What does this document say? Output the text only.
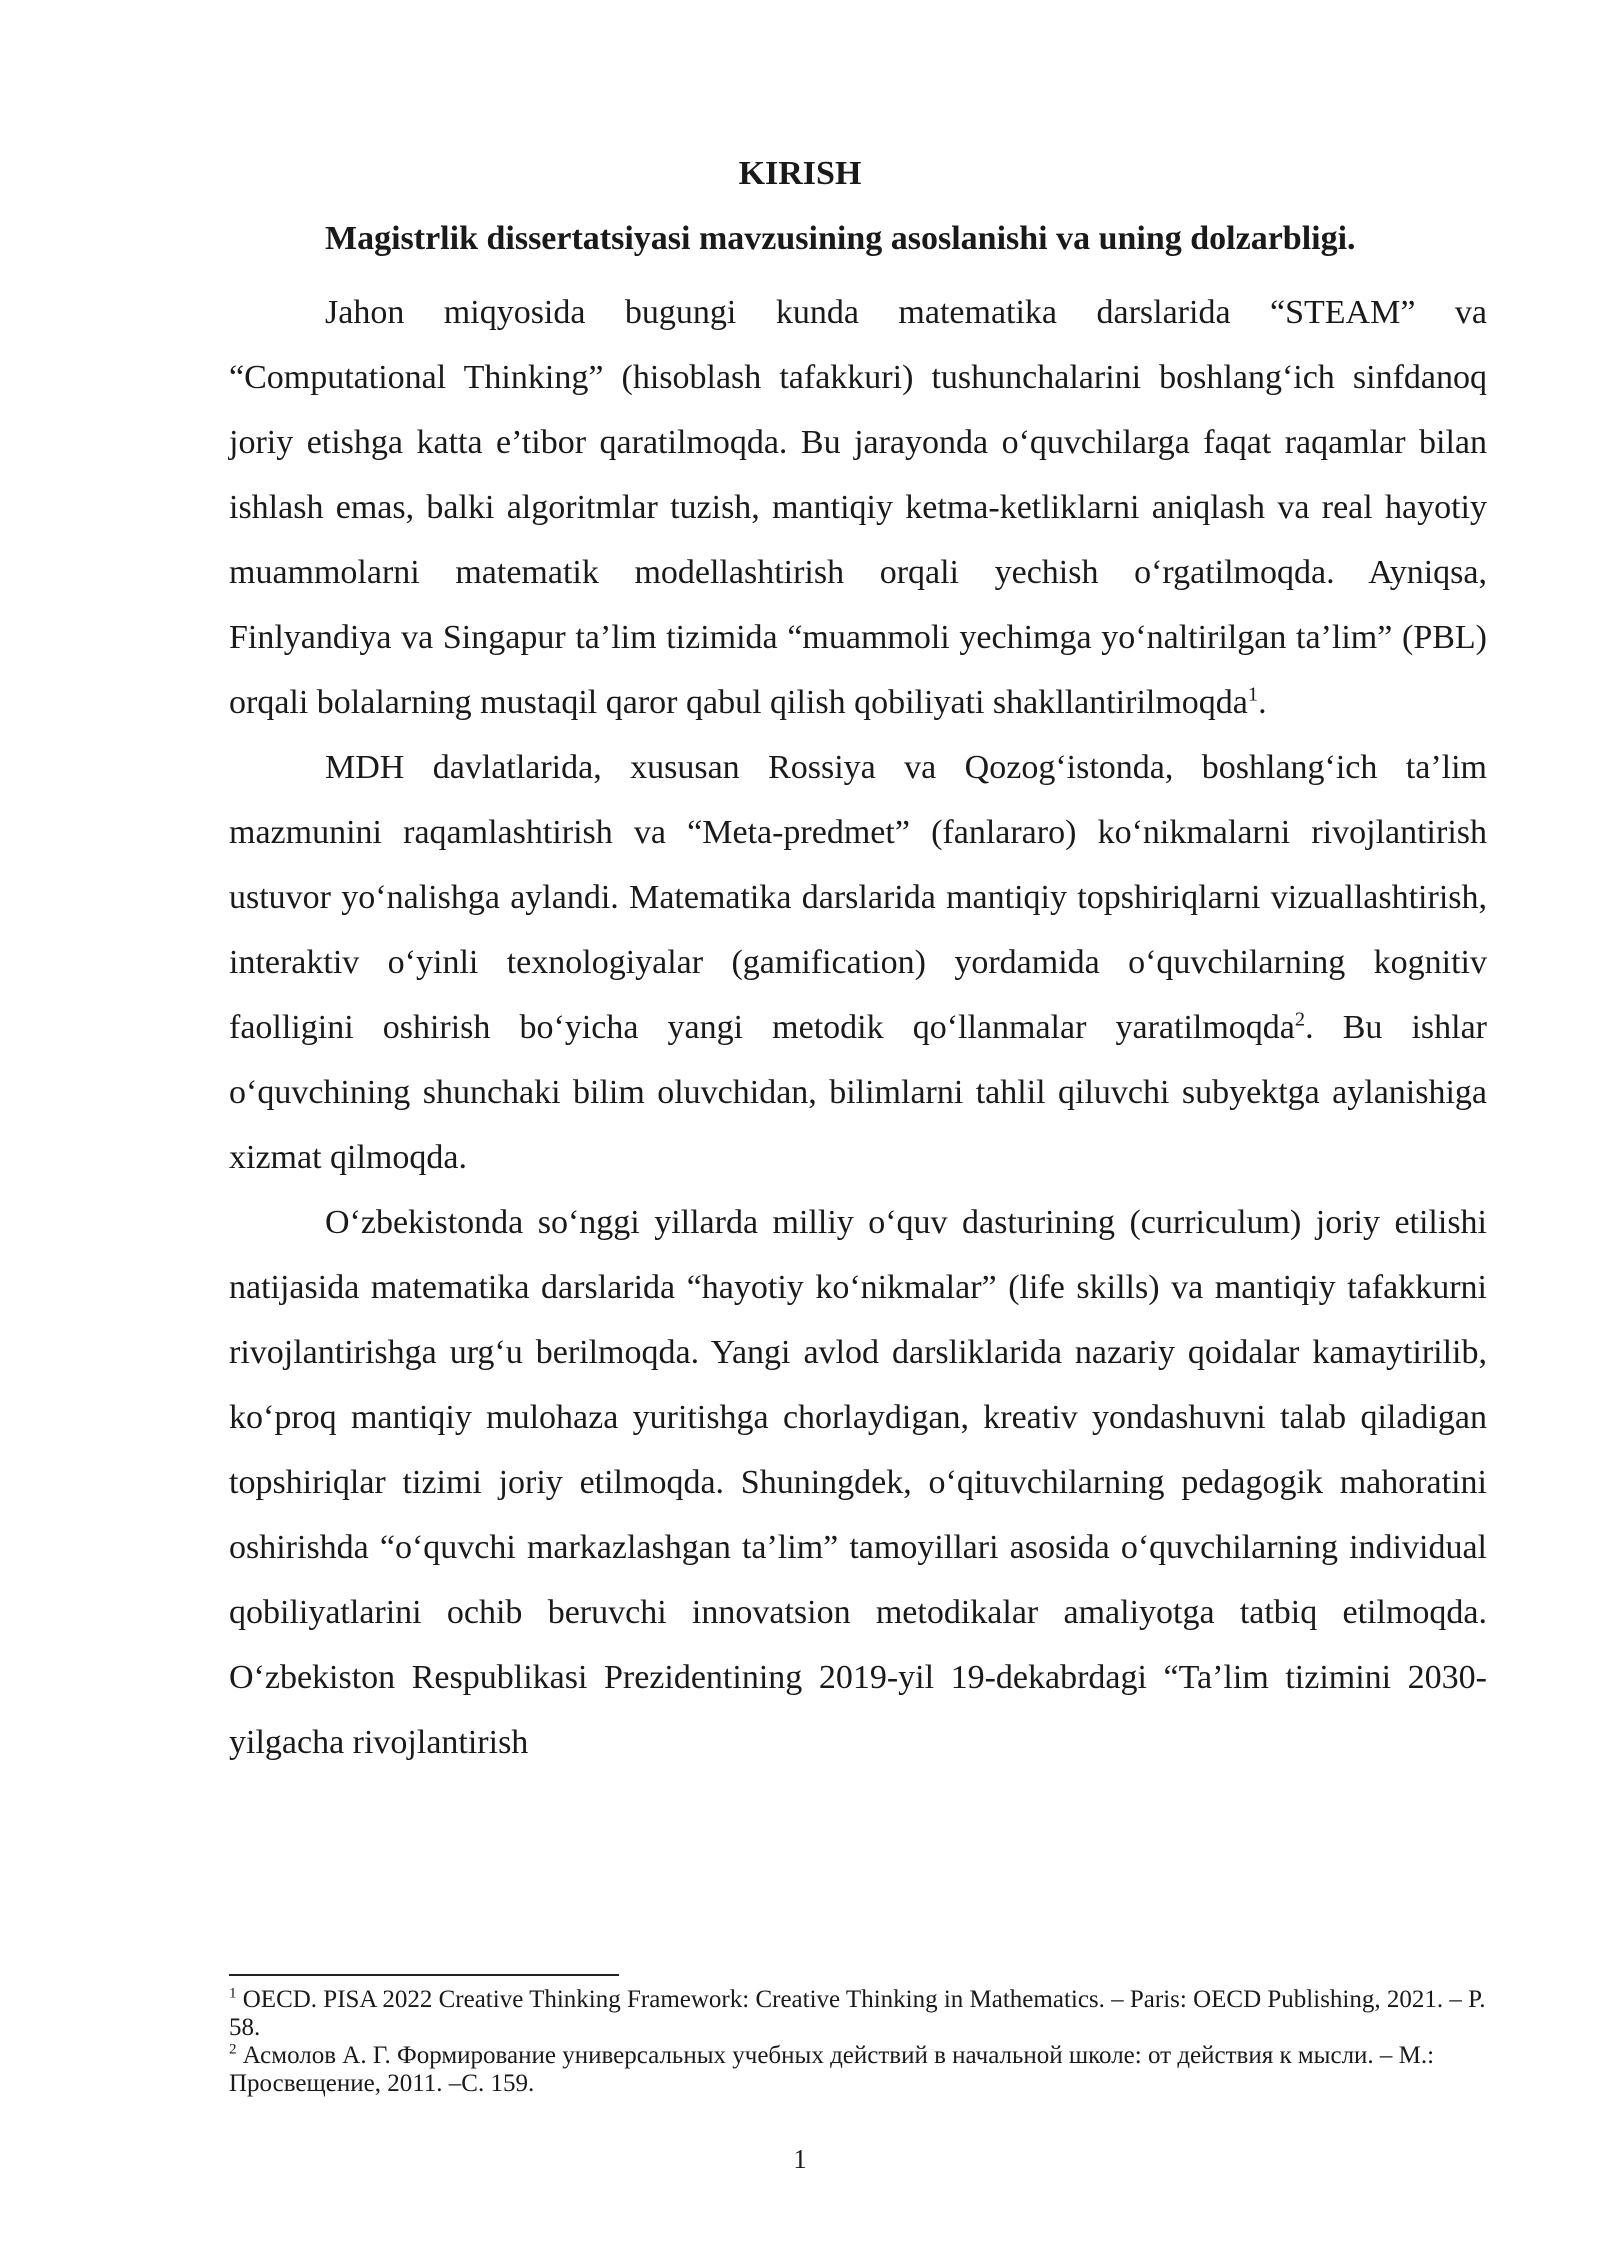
KIRISH
Magistrlik dissertatsiyasi mavzusining asoslanishi va uning dolzarbligi.

Jahon miqyosida bugungi kunda matematika darslarida “STEAM” va “Computational Thinking” (hisoblash tafakkuri) tushunchalarini boshlang‘ich sinfdanoq joriy etishga katta e’tibor qaratilmoqda. Bu jarayonda o‘quvchilarga faqat raqamlar bilan ishlash emas, balki algoritmlar tuzish, mantiqiy ketma-ketliklarni aniqlash va real hayotiy muammolarni matematik modellashtirish orqali yechish o‘rgatilmoqda. Ayniqsa, Finlyandiya va Singapur ta’lim tizimida “muammoli yechimga yo‘naltirilgan ta’lim” (PBL) orqali bolalarning mustaqil qaror qabul qilish qobiliyati shakllantirilmoqda$^1$.

MDH davlatlarida, xususan Rossiya va Qozog‘istonda, boshlang‘ich ta’lim mazmunini raqamlashtirish va “Meta-predmet” (fanlararo) ko‘nikmalarni rivojlantirish ustuvor yo‘nalishga aylandi. Matematika darslarida mantiqiy topshiriqlarni vizuallashtirish, interaktiv o‘yinli texnologiyalar (gamification) yordamida o‘quvchilarning kognitiv faolligini oshirish bo‘yicha yangi metodik qo‘llanmalar yaratilmoqda$^2$. Bu ishlar o‘quvchining shunchaki bilim oluvchidan, bilimlarni tahlil qiluvchi subyektga aylanishiga xizmat qilmoqda.

O‘zbekistonda so‘nggi yillarda milliy o‘quv dasturining (curriculum) joriy etilishi natijasida matematika darslarida “hayotiy ko‘nikmalar” (life skills) va mantiqiy tafakkurni rivojlantirishga urg‘u berilmoqda. Yangi avlod darsliklarida nazariy qoidalar kamaytirilib, ko‘proq mantiqiy mulohaza yuritishga chorlaydigan, kreativ yondashuvni talab qiladigan topshiriqlar tizimi joriy etilmoqda. Shuningdek, o‘qituvchilarning pedagogik mahoratini oshirishda “o‘quvchi markazlashgan ta’lim” tamoyillari asosida o‘quvchilarning individual qobiliyatlarini ochib beruvchi innovatsion metodikalar amaliyotga tatbiq etilmoqda. O‘zbekiston Respublikasi Prezidentining 2019-yil 19-dekabrdagi “Ta’lim tizimini 2030-yilgacha rivojlantirish

$^1$ OECD. PISA 2022 Creative Thinking Framework: Creative Thinking in Mathematics. – Paris: OECD Publishing, 2021. – P. 58.

$^2$ Асмолов А. Г. Формирование универсальных учебных действий в начальной школе: от действия к мысли. – М.: Просвещение, 2011. –С. 159.

1
